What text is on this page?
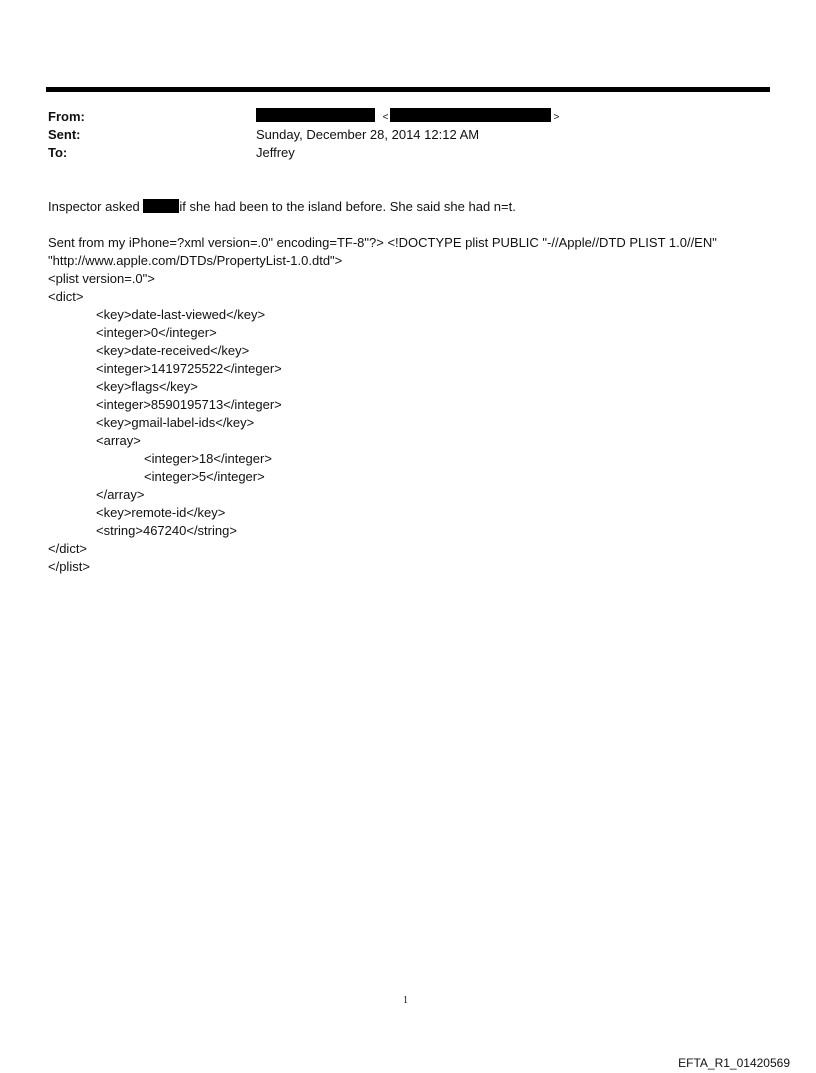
From:
Sent:
To:
<	>
Sunday, December 28, 2014 12:12 AM
Jeffrey
Inspector asked	if she had been to the island before. She said she had n=t.
Sent from my iPhone=?xml version=.0" encoding=TF-8"?> <!DOCTYPE plist PUBLIC "-//Apple//DTD PLIST 1.0//EN"
"http://www.apple.com/DTDs/PropertyList-1.0.dtd">
<plist version=.0">
<dict>
<key>date-last-viewed</key>
<integer>0</integer>
<key>date-received</key>
<integer>1419725522</integer>
<key>flags</key>
<integer>8590195713</integer>
<key>gmail-label-ids</key>
<array>
<integer>18</integer>
<integer>5</integer>
</array>
<key>remote-id</key>
<string>467240</string>
</dict>
</plist>
1
EFTA_R1_01420569
